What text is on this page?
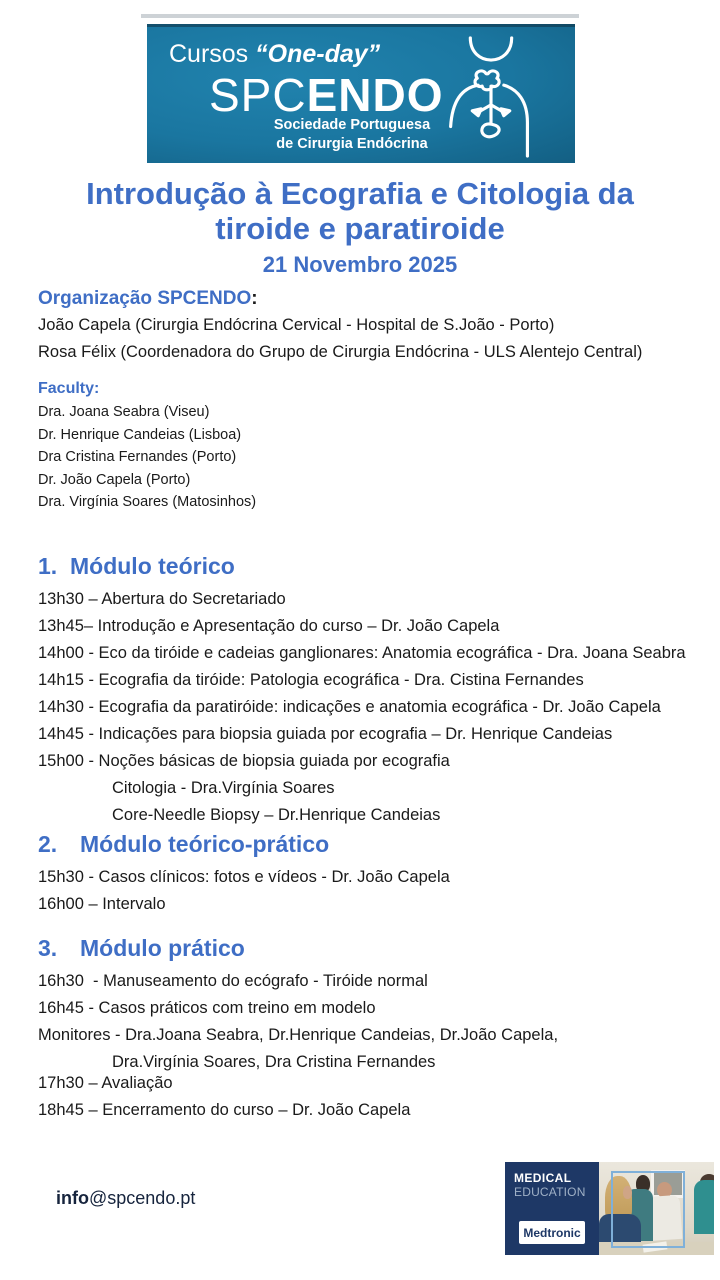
Cursos “One-day”
SPCENDO
Sociedade Portuguesa
de Cirurgia Endócrina
Introdução à Ecografia e Citologia da
tiroide e paratiroide
21 Novembro 2025
Organização SPCENDO:
João Capela (Cirurgia Endócrina Cervical - Hospital de S.João - Porto)
Rosa Félix (Coordenadora do Grupo de Cirurgia Endócrina - ULS Alentejo Central)
Faculty:
Dra. Joana Seabra (Viseu)
Dr. Henrique Candeias (Lisboa)
Dra Cristina Fernandes (Porto)
Dr. João Capela (Porto)
Dra. Virgínia Soares (Matosinhos)
1. Módulo teórico
13h30 – Abertura do Secretariado
13h45– Introdução e Apresentação do curso – Dr. João Capela
14h00 - Eco da tiróide e cadeias ganglionares: Anatomia ecográfica - Dra. Joana Seabra
14h15 - Ecografia da tiróide: Patologia ecográfica - Dra. Cistina Fernandes
14h30 - Ecografia da paratiróide: indicações e anatomia ecográfica - Dr. João Capela
14h45 - Indicações para biopsia guiada por ecografia – Dr. Henrique Candeias
15h00 - Noções básicas de biopsia guiada por ecografia
Citologia - Dra.Virgínia Soares
Core-Needle Biopsy – Dr.Henrique Candeias
2. Módulo teórico-prático
15h30 - Casos clínicos: fotos e vídeos - Dr. João Capela
16h00 – Intervalo
3. Módulo prático
16h30  - Manuseamento do ecógrafo - Tiróide normal
16h45 - Casos práticos com treino em modelo
Monitores - Dra.Joana Seabra, Dr.Henrique Candeias, Dr.João Capela,
Dra.Virgínia Soares, Dra Cristina Fernandes
17h30 – Avaliação
18h45 – Encerramento do curso – Dr. João Capela
info@spcendo.pt
MEDICAL
EDUCATION
Medtronic
